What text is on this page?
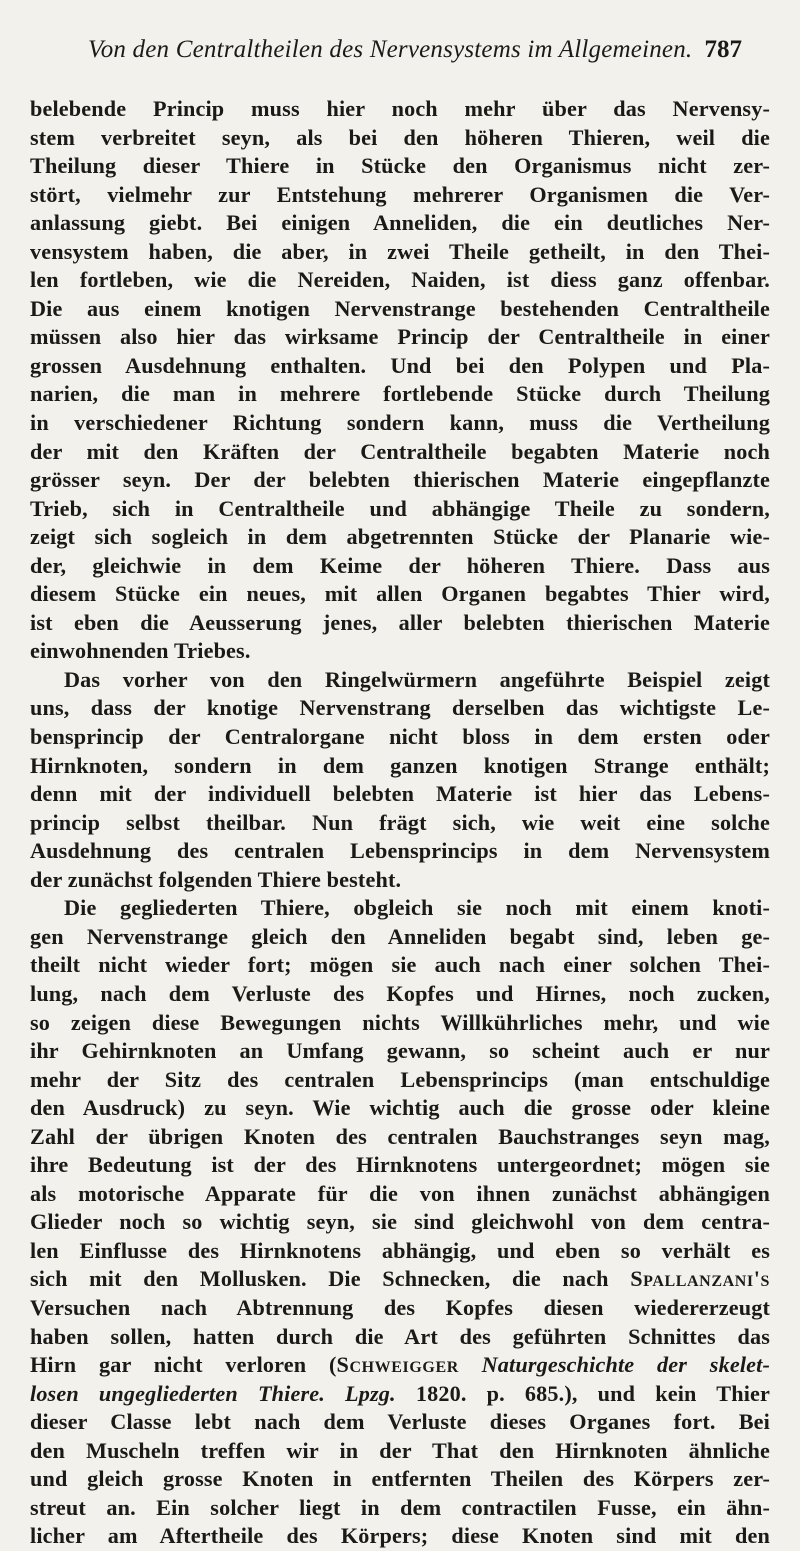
Von den Centraltheilen des Nervensystems im Allgemeinen. 787
belebende Princip muss hier noch mehr über das Nervensy-
stem verbreitet seyn, als bei den höheren Thieren, weil die
Theilung dieser Thiere in Stücke den Organismus nicht zer-
stört, vielmehr zur Entstehung mehrerer Organismen die Ver-
anlassung giebt. Bei einigen Anneliden, die ein deutliches Ner-
vensystem haben, die aber, in zwei Theile getheilt, in den Thei-
len fortleben, wie die Nereiden, Naiden, ist diess ganz offenbar.
Die aus einem knotigen Nervenstrange bestehenden Centraltheile
müssen also hier das wirksame Princip der Centraltheile in einer
grossen Ausdehnung enthalten. Und bei den Polypen und Pla-
narien, die man in mehrere fortlebende Stücke durch Theilung
in verschiedener Richtung sondern kann, muss die Vertheilung
der mit den Kräften der Centraltheile begabten Materie noch
grösser seyn. Der der belebten thierischen Materie eingepflanzte
Trieb, sich in Centraltheile und abhängige Theile zu sondern,
zeigt sich sogleich in dem abgetrennten Stücke der Planarie wie-
der, gleichwie in dem Keime der höheren Thiere. Dass aus
diesem Stücke ein neues, mit allen Organen begabtes Thier wird,
ist eben die Aeusserung jenes, aller belebten thierischen Materie
einwohnenden Triebes.
Das vorher von den Ringelwürmern angeführte Beispiel zeigt
uns, dass der knotige Nervenstrang derselben das wichtigste Le-
bensprincip der Centralorgane nicht bloss in dem ersten oder
Hirnknoten, sondern in dem ganzen knotigen Strange enthält;
denn mit der individuell belebten Materie ist hier das Lebens-
princip selbst theilbar. Nun frägt sich, wie weit eine solche
Ausdehnung des centralen Lebensprincips in dem Nervensystem
der zunächst folgenden Thiere besteht.
Die gegliederten Thiere, obgleich sie noch mit einem knoti-
gen Nervenstrange gleich den Anneliden begabt sind, leben ge-
theilt nicht wieder fort; mögen sie auch nach einer solchen Thei-
lung, nach dem Verluste des Kopfes und Hirnes, noch zucken,
so zeigen diese Bewegungen nichts Willkührliches mehr, und wie
ihr Gehirnknoten an Umfang gewann, so scheint auch er nur
mehr der Sitz des centralen Lebensprincips (man entschuldige
den Ausdruck) zu seyn. Wie wichtig auch die grosse oder kleine
Zahl der übrigen Knoten des centralen Bauchstranges seyn mag,
ihre Bedeutung ist der des Hirnknotens untergeordnet; mögen sie
als motorische Apparate für die von ihnen zunächst abhängigen
Glieder noch so wichtig seyn, sie sind gleichwohl von dem centra-
len Einflusse des Hirnknotens abhängig, und eben so verhält es
sich mit den Mollusken. Die Schnecken, die nach Spallanzani's
Versuchen nach Abtrennung des Kopfes diesen wiedererzeugt
haben sollen, hatten durch die Art des geführten Schnittes das
Hirn gar nicht verloren (Schweigger Naturgeschichte der skelet-
losen ungegliederten Thiere. Lpzg. 1820. p. 685.), und kein Thier
dieser Classe lebt nach dem Verluste dieses Organes fort. Bei
den Muscheln treffen wir in der That den Hirnknoten ähnliche
und gleich grosse Knoten in entfernten Theilen des Körpers zer-
streut an. Ein solcher liegt in dem contractilen Fusse, ein ähn-
licher am Aftertheile des Körpers; diese Knoten sind mit den
